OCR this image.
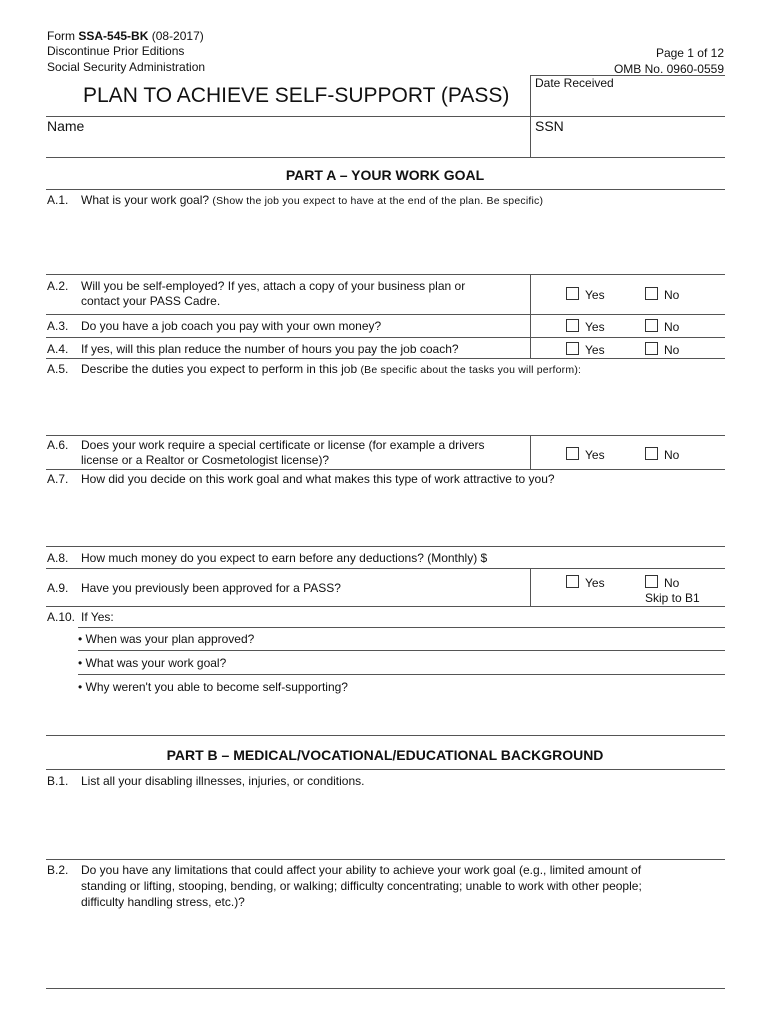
Form SSA-545-BK (08-2017)
Discontinue Prior Editions
Social Security Administration
Page 1 of 12
OMB No. 0960-0559
Date Received
PLAN TO ACHIEVE SELF-SUPPORT (PASS)
Name	SSN
PART A – YOUR WORK GOAL
A.1. What is your work goal? (Show the job you expect to have at the end of the plan. Be specific)
A.2. Will you be self-employed? If yes, attach a copy of your business plan or
contact your PASS Cadre.	Yes	No
A.3. Do you have a job coach you pay with your own money?	Yes	No
A.4. If yes, will this plan reduce the number of hours you pay the job coach?	Yes	No
A.5. Describe the duties you expect to perform in this job (Be specific about the tasks you will perform):
A.6. Does your work require a special certificate or license (for example a drivers
license or a Realtor or Cosmetologist license)?	Yes	No
A.7. How did you decide on this work goal and what makes this type of work attractive to you?
A.8. How much money do you expect to earn before any deductions? (Monthly) $
A.9. Have you previously been approved for a PASS?	Yes	No
Skip to B1
A.10. If Yes:
• When was your plan approved?
• What was your work goal?
• Why weren't you able to become self-supporting?
PART B – MEDICAL/VOCATIONAL/EDUCATIONAL BACKGROUND
B.1. List all your disabling illnesses, injuries, or conditions.
B.2. Do you have any limitations that could affect your ability to achieve your work goal (e.g., limited amount of
standing or lifting, stooping, bending, or walking; difficulty concentrating; unable to work with other people;
difficulty handling stress, etc.)?
